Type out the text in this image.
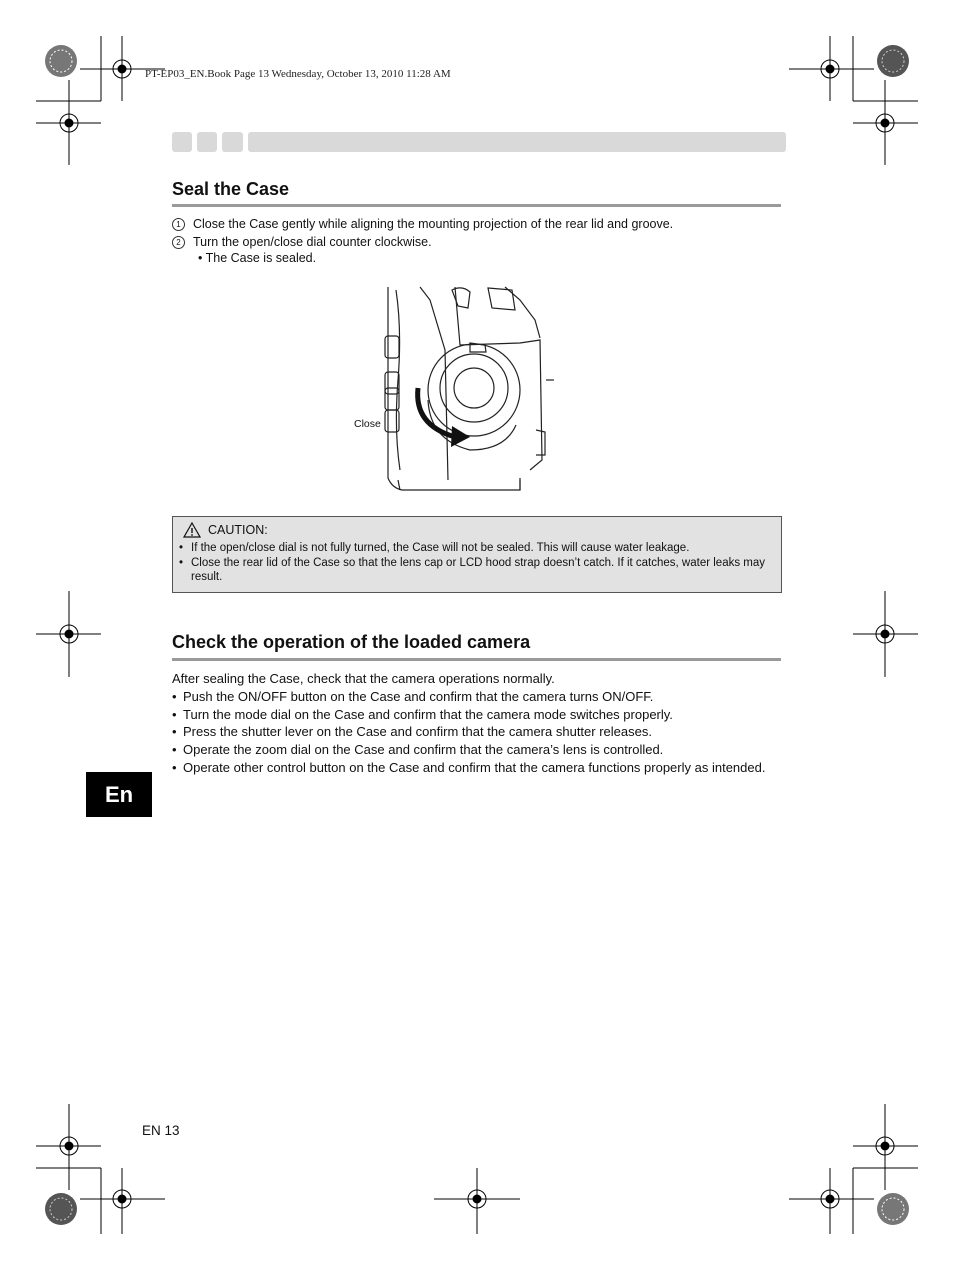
PT-EP03_EN.Book Page 13 Wednesday, October 13, 2010 11:28 AM
Seal the Case
1 Close the Case gently while aligning the mounting projection of the rear lid and groove.
2 Turn the open/close dial counter clockwise.
• The Case is sealed.
Close
CAUTION:
• If the open/close dial is not fully turned, the Case will not be sealed. This will cause water leakage.
• Close the rear lid of the Case so that the lens cap or LCD hood strap doesn’t catch. If it catches, water leaks may result.
Check the operation of the loaded camera
After sealing the Case, check that the camera operations normally.
• Push the ON/OFF button on the Case and confirm that the camera turns ON/OFF.
• Turn the mode dial on the Case and confirm that the camera mode switches properly.
• Press the shutter lever on the Case and confirm that the camera shutter releases.
• Operate the zoom dial on the Case and confirm that the camera’s lens is controlled.
• Operate other control button on the Case and confirm that the camera functions properly as intended.
En
EN 13
